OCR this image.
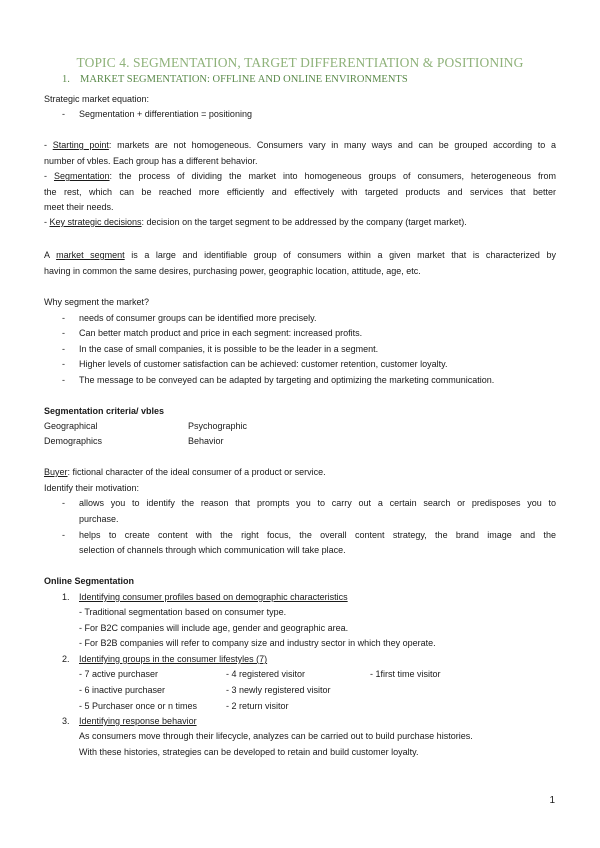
TOPIC 4. SEGMENTATION, TARGET DIFFERENTIATION & POSITIONING
1. MARKET SEGMENTATION: OFFLINE AND ONLINE ENVIRONMENTS
Strategic market equation:
- Segmentation + differentiation = positioning
- Starting point: markets are not homogeneous. Consumers vary in many ways and can be grouped according to a
number of vbles. Each group has a different behavior.
- Segmentation: the process of dividing the market into homogeneous groups of consumers, heterogeneous from
the rest, which can be reached more efficiently and effectively with targeted products and services that better
meet their needs.
- Key strategic decisions: decision on the target segment to be addressed by the company (target market).
A market segment is a large and identifiable group of consumers within a given market that is characterized by
having in common the same desires, purchasing power, geographic location, attitude, age, etc.
Why segment the market?
- needs of consumer groups can be identified more precisely.
- Can better match product and price in each segment: increased profits.
- In the case of small companies, it is possible to be the leader in a segment.
- Higher levels of customer satisfaction can be achieved: customer retention, customer loyalty.
- The message to be conveyed can be adapted by targeting and optimizing the marketing communication.
Segmentation criteria/ vbles
Geographical	Psychographic
Demographics	Behavior
Buyer: fictional character of the ideal consumer of a product or service.
Identify their motivation:
- allows you to identify the reason that prompts you to carry out a certain search or predisposes you to
purchase.
- helps to create content with the right focus, the overall content strategy, the brand image and the
selection of channels through which communication will take place.
Online Segmentation
1. Identifying consumer profiles based on demographic characteristics
- Traditional segmentation based on consumer type.
- For B2C companies will include age, gender and geographic area.
- For B2B companies will refer to company size and industry sector in which they operate.
2. Identifying groups in the consumer lifestyles (7)
- 7 active purchaser	- 4 registered visitor	- 1first time visitor
- 6 inactive purchaser	- 3 newly registered visitor
- 5 Purchaser once or n times	- 2 return visitor
3. Identifying response behavior
As consumers move through their lifecycle, analyzes can be carried out to build purchase histories.
With these histories, strategies can be developed to retain and build customer loyalty.
1
